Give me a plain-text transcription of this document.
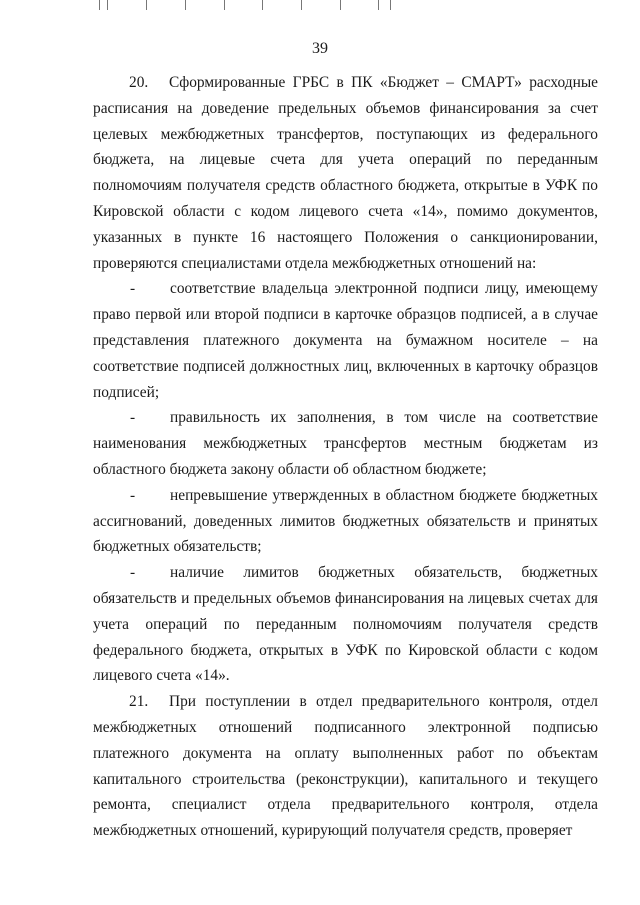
39

20. Сформированные ГРБС в ПК «Бюджет – СМАРТ» расходные расписания на доведение предельных объемов финансирования за счет целевых межбюджетных трансфертов, поступающих из федерального бюджета, на лицевые счета для учета операций по переданным полномочиям получателя средств областного бюджета, открытые в УФК по Кировской области с кодом лицевого счета «14», помимо документов, указанных в пункте 16 настоящего Положения о санкционировании, проверяются специалистами отдела межбюджетных отношений на:

- соответствие владельца электронной подписи лицу, имеющему право первой или второй подписи в карточке образцов подписей, а в случае представления платежного документа на бумажном носителе – на соответствие подписей должностных лиц, включенных в карточку образцов подписей;

- правильность их заполнения, в том числе на соответствие наименования межбюджетных трансфертов местным бюджетам из областного бюджета закону области об областном бюджете;

- непревышение утвержденных в областном бюджете бюджетных ассигнований, доведенных лимитов бюджетных обязательств и принятых бюджетных обязательств;

- наличие лимитов бюджетных обязательств, бюджетных обязательств и предельных объемов финансирования на лицевых счетах для учета операций по переданным полномочиям получателя средств федерального бюджета, открытых в УФК по Кировской области с кодом лицевого счета «14».

21. При поступлении в отдел предварительного контроля, отдел межбюджетных отношений подписанного электронной подписью платежного документа на оплату выполненных работ по объектам капитального строительства (реконструкции), капитального и текущего ремонта, специалист отдела предварительного контроля, отдела межбюджетных отношений, курирующий получателя средств, проверяет
